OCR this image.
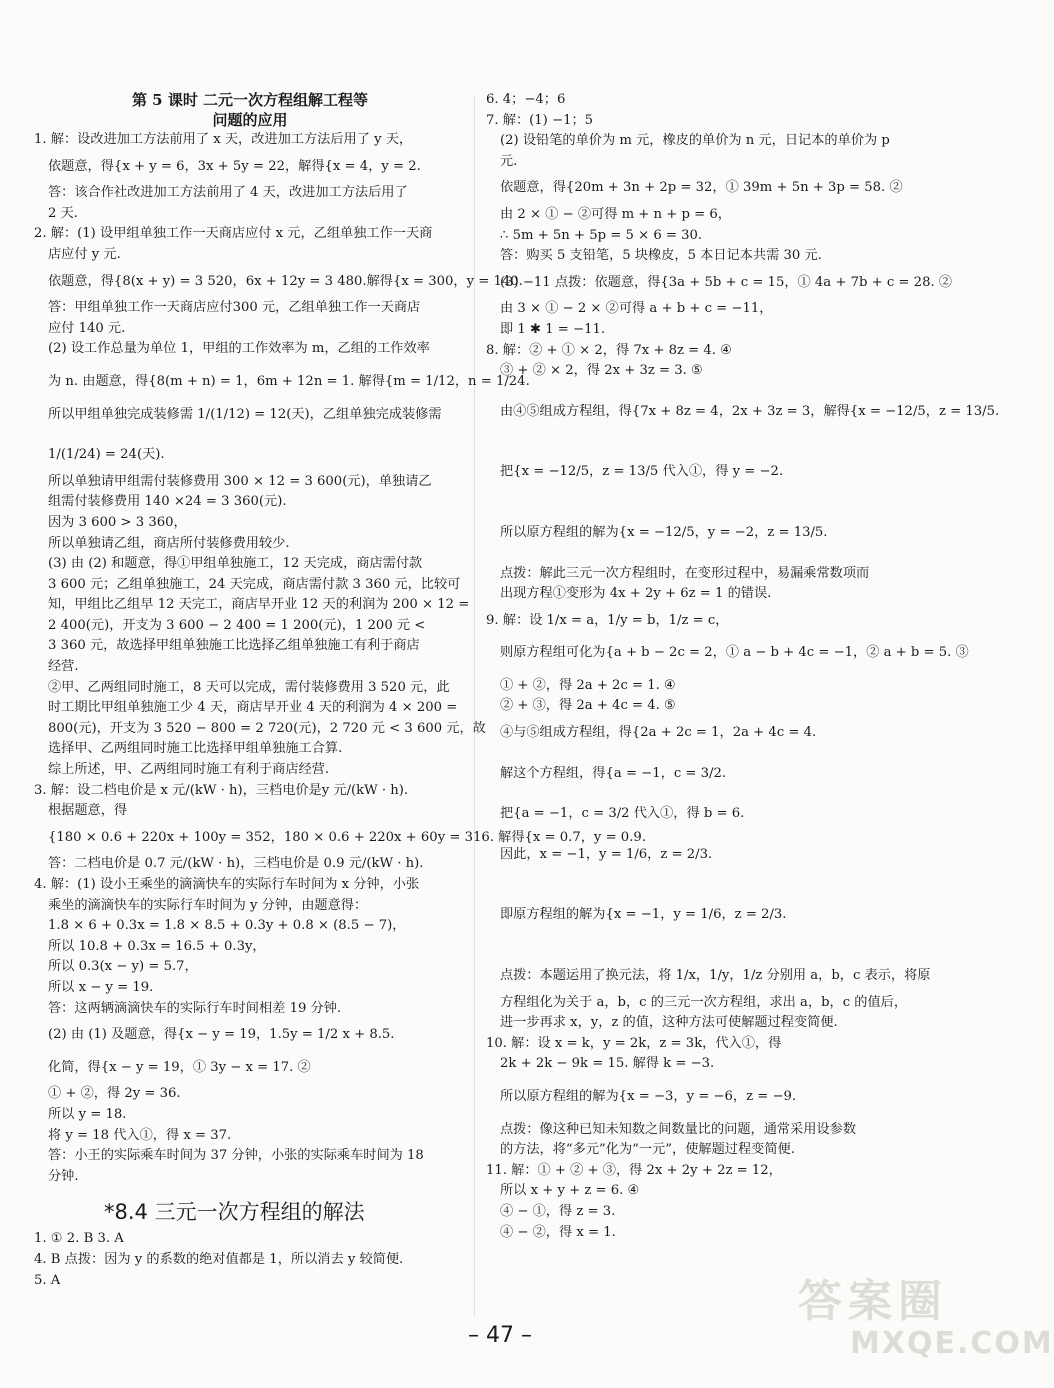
第 5 课时 二元一次方程组解工程等
问题的应用
1. 解：设改进加工方法前用了 x 天，改进加工方法后用了 y 天，
依题意，得{x + y = 6，3x + 5y = 22，解得{x = 4，y = 2.
答：该合作社改进加工方法前用了 4 天，改进加工方法后用了
2 天.
2. 解：(1) 设甲组单独工作一天商店应付 x 元，乙组单独工作一天商
店应付 y 元.
依题意，得{8(x + y) = 3 520，6x + 12y = 3 480.解得{x = 300，y = 140.
答：甲组单独工作一天商店应付300 元，乙组单独工作一天商店
应付 140 元.
(2) 设工作总量为单位 1，甲组的工作效率为 m，乙组的工作效率
为 n. 由题意，得{8(m + n) = 1，6m + 12n = 1. 解得{m = 1/12，n = 1/24.
所以甲组单独完成装修需 1/(1/12) = 12(天)，乙组单独完成装修需
1/(1/24) = 24(天).
所以单独请甲组需付装修费用 300 × 12 = 3 600(元)，单独请乙
组需付装修费用 140 ×24 = 3 360(元).
因为 3 600 > 3 360，
所以单独请乙组，商店所付装修费用较少.
(3) 由 (2) 和题意，得①甲组单独施工，12 天完成，商店需付款
3 600 元；乙组单独施工，24 天完成，商店需付款 3 360 元，比较可
知，甲组比乙组早 12 天完工，商店早开业 12 天的利润为 200 × 12 =
2 400(元)，开支为 3 600 − 2 400 = 1 200(元)，1 200 元 <
3 360 元，故选择甲组单独施工比选择乙组单独施工有利于商店
经营.
②甲、乙两组同时施工，8 天可以完成，需付装修费用 3 520 元，此
时工期比甲组单独施工少 4 天，商店早开业 4 天的利润为 4 × 200 =
800(元)，开支为 3 520 − 800 = 2 720(元)，2 720 元 < 3 600 元，故
选择甲、乙两组同时施工比选择甲组单独施工合算.
综上所述，甲、乙两组同时施工有利于商店经营.
3. 解：设二档电价是 x 元/(kW · h)，三档电价是y 元/(kW · h).
根据题意，得
{180 × 0.6 + 220x + 100y = 352，180 × 0.6 + 220x + 60y = 316. 解得{x = 0.7，y = 0.9.
答：二档电价是 0.7 元/(kW · h)，三档电价是 0.9 元/(kW · h).
4. 解：(1) 设小王乘坐的滴滴快车的实际行车时间为 x 分钟，小张
乘坐的滴滴快车的实际行车时间为 y 分钟，由题意得：
1.8 × 6 + 0.3x = 1.8 × 8.5 + 0.3y + 0.8 × (8.5 − 7)，
所以 10.8 + 0.3x = 16.5 + 0.3y，
所以 0.3(x − y) = 5.7，
所以 x − y = 19.
答：这两辆滴滴快车的实际行车时间相差 19 分钟.
(2) 由 (1) 及题意，得{x − y = 19，1.5y = 1/2 x + 8.5.
化简，得{x − y = 19，① 3y − x = 17. ②
① + ②，得 2y = 36.
所以 y = 18.
将 y = 18 代入①，得 x = 37.
答：小王的实际乘车时间为 37 分钟，小张的实际乘车时间为 18
分钟.
*8.4 三元一次方程组的解法
1. ① 2. B 3. A
4. B 点拨：因为 y 的系数的绝对值都是 1，所以消去 y 较简便.
5. A
6. 4；−4；6
7. 解：(1) −1；5
(2) 设铅笔的单价为 m 元，橡皮的单价为 n 元，日记本的单价为 p
元.
依题意，得{20m + 3n + 2p = 32，① 39m + 5n + 3p = 58. ②
由 2 × ① − ②可得 m + n + p = 6，
∴ 5m + 5n + 5p = 5 × 6 = 30.
答：购买 5 支铅笔，5 块橡皮，5 本日记本共需 30 元.
(3) −11 点拨：依题意，得{3a + 5b + c = 15，① 4a + 7b + c = 28. ②
由 3 × ① − 2 × ②可得 a + b + c = −11，
即 1 ✱ 1 = −11.
8. 解：② + ① × 2，得 7x + 8z = 4. ④
③ + ② × 2，得 2x + 3z = 3. ⑤
由④⑤组成方程组，得{7x + 8z = 4，2x + 3z = 3，解得{x = −12/5，z = 13/5.
把{x = −12/5，z = 13/5 代入①，得 y = −2.
所以原方程组的解为{x = −12/5，y = −2，z = 13/5.
点拨：解此三元一次方程组时，在变形过程中，易漏乘常数项而
出现方程①变形为 4x + 2y + 6z = 1 的错误.
9. 解：设 1/x = a，1/y = b，1/z = c，
则原方程组可化为{a + b − 2c = 2，① a − b + 4c = −1，② a + b = 5. ③
① + ②，得 2a + 2c = 1. ④
② + ③，得 2a + 4c = 4. ⑤
④与⑤组成方程组，得{2a + 2c = 1，2a + 4c = 4.
解这个方程组，得{a = −1，c = 3/2.
把{a = −1，c = 3/2 代入①，得 b = 6.
因此，x = −1，y = 1/6，z = 2/3.
即原方程组的解为{x = −1，y = 1/6，z = 2/3.
点拨：本题运用了换元法，将 1/x，1/y，1/z 分别用 a，b，c 表示，将原
方程组化为关于 a，b，c 的三元一次方程组，求出 a，b，c 的值后，
进一步再求 x，y，z 的值，这种方法可使解题过程变简便.
10. 解：设 x = k，y = 2k，z = 3k，代入①，得
2k + 2k − 9k = 15. 解得 k = −3.
所以原方程组的解为{x = −3，y = −6，z = −9.
点拨：像这种已知未知数之间数量比的问题，通常采用设参数
的方法，将“多元”化为“一元”，使解题过程变简便.
11. 解：① + ② + ③，得 2x + 2y + 2z = 12，
所以 x + y + z = 6. ④
④ − ①，得 z = 3.
④ − ②，得 x = 1.
– 47 –
答案圈
MXQE.COM
